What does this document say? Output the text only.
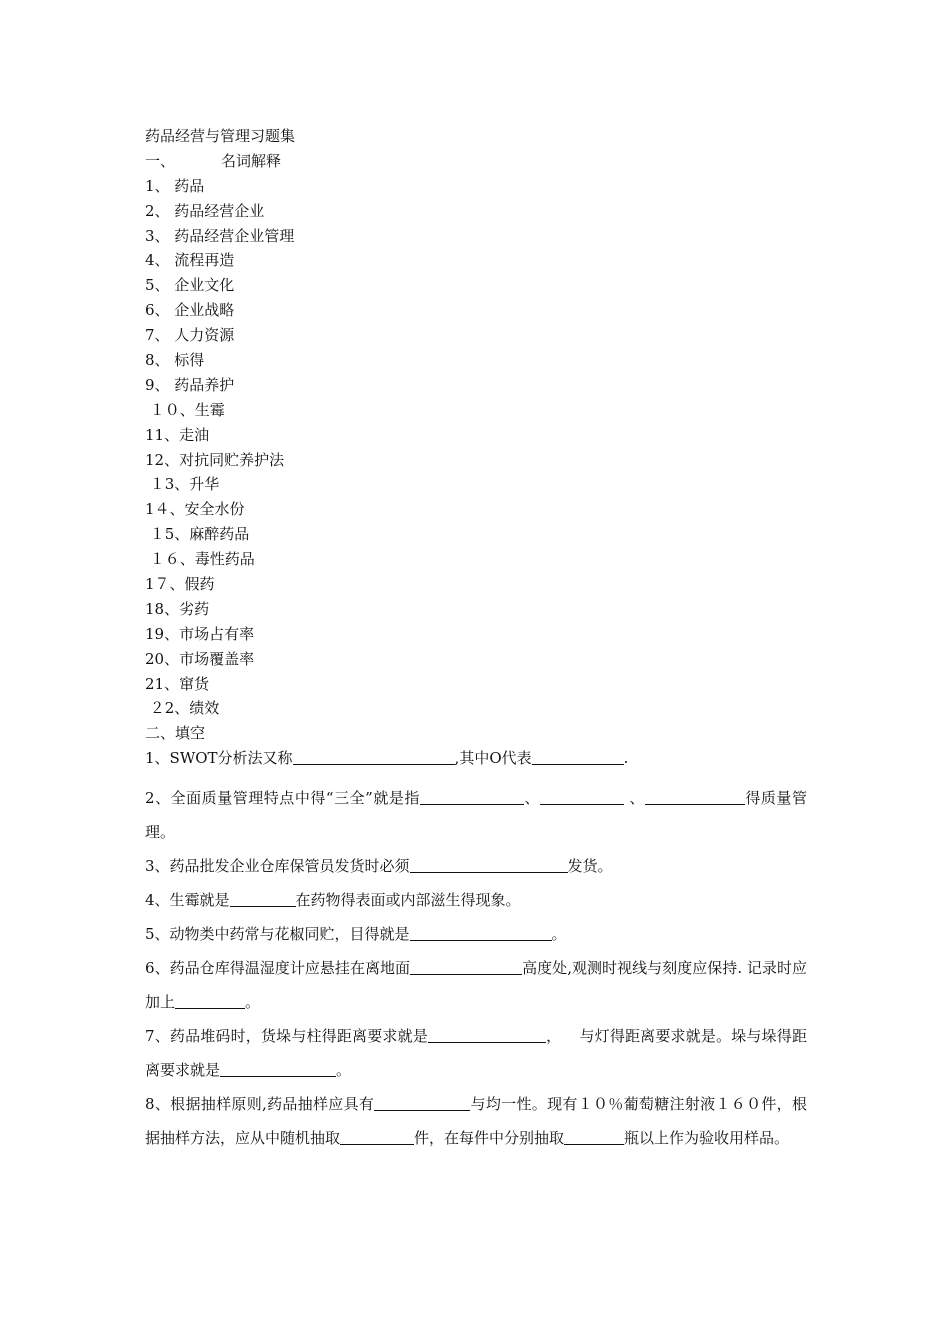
药品经营与管理习题集
一、	名词解释
1、 药品
2、 药品经营企业
3、 药品经营企业管理
4、 流程再造
5、 企业文化
6、 企业战略
7、 人力资源
8、 标得
9、 药品养护
１０、生霉
11、走油
12、对抗同贮养护法
１3、升华
1４、安全水份
１5、麻醉药品
１６、毒性药品
1７、假药
18、劣药
19、市场占有率
20、市场覆盖率
21、窜货
２2、绩效
二、填空

1、SWOT分析法又称	,其中O代表	.

2、全面质量管理特点中得“三全”就是指	、	、	得质量管理。

3、药品批发企业仓库保管员发货时必须	发货。

4、生霉就是	在药物得表面或内部滋生得现象。

5、动物类中药常与花椒同贮，目得就是	。

6、药品仓库得温湿度计应悬挂在离地面	高度处,观测时视线与刻度应保持. 记录时应加上	。

7、药品堆码时，货垛与柱得距离要求就是	， 与灯得距离要求就是。垛与垛得距离要求就是	。

8、根据抽样原则,药品抽样应具有	与均一性。现有１０％葡萄糖注射液１６０件，根据抽样方法，应从中随机抽取	件，在每件中分别抽取	瓶以上作为验收用样品。
